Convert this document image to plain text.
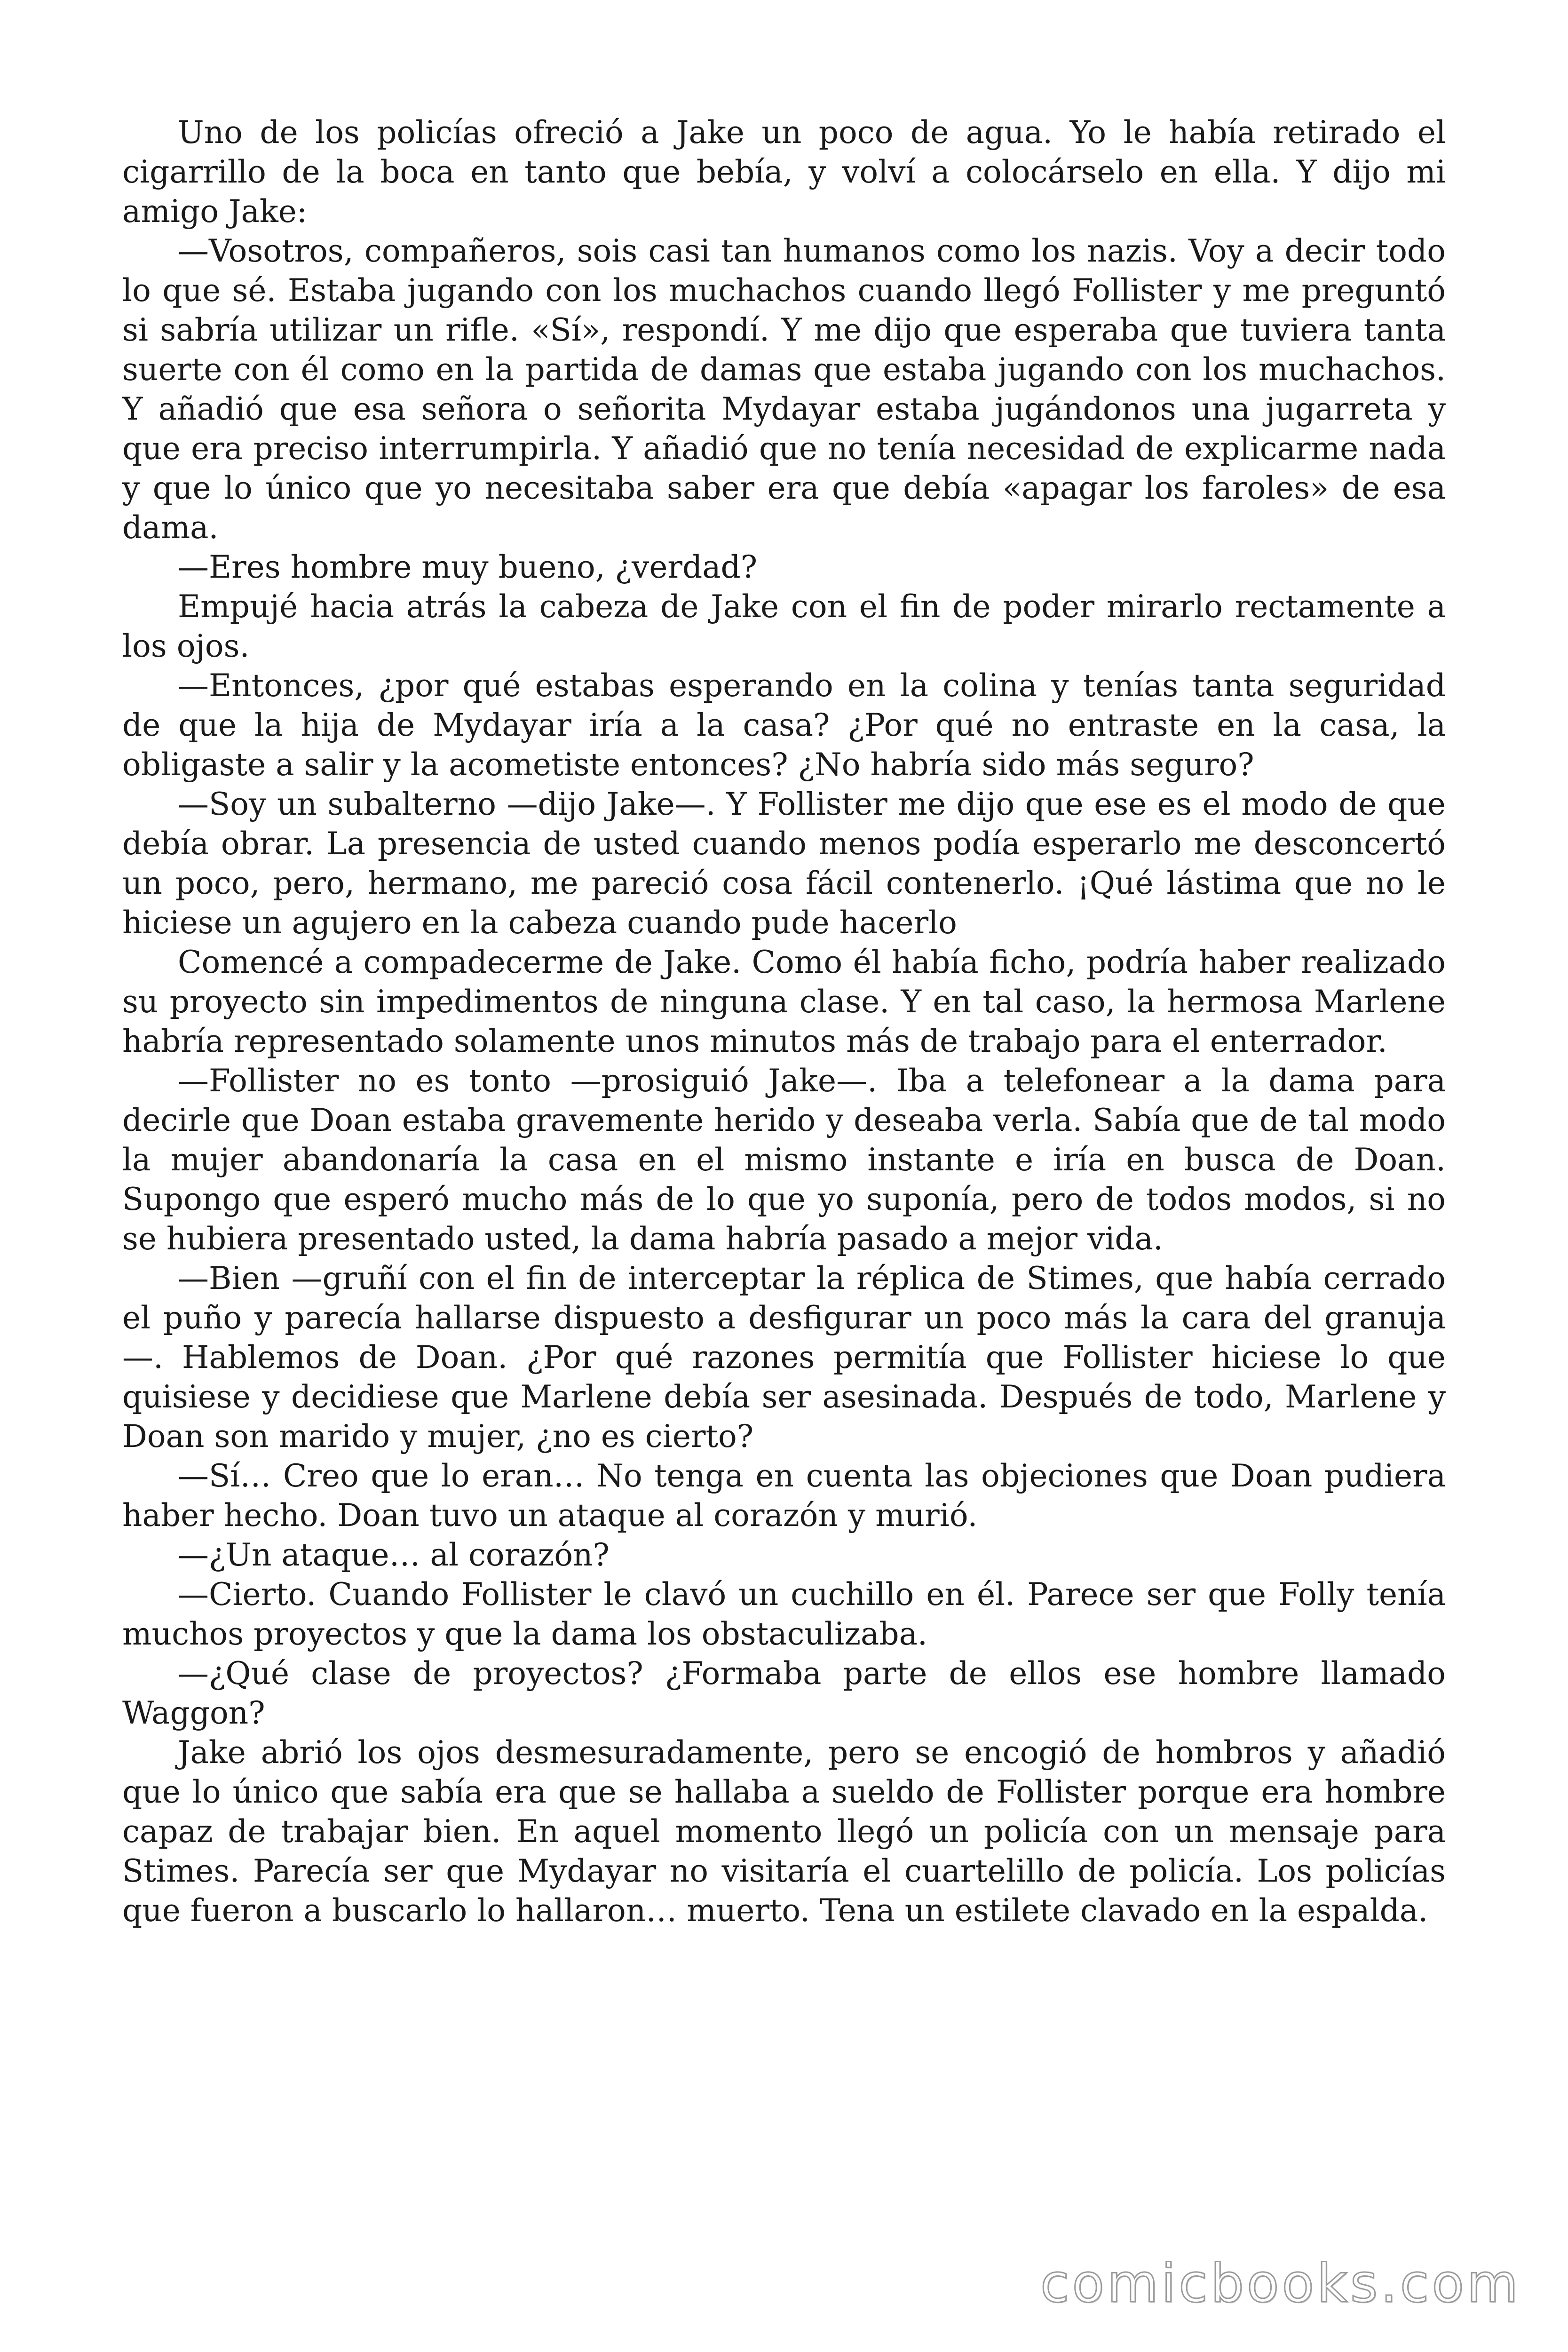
Uno de los policías ofreció a Jake un poco de agua. Yo le había retirado el cigarrillo de la boca en tanto que bebía, y volví a colocárselo en ella. Y dijo mi amigo Jake:

—Vosotros, compañeros, sois casi tan humanos como los nazis. Voy a decir todo lo que sé. Estaba jugando con los muchachos cuando llegó Follister y me preguntó si sabría utilizar un rifle. «Sí», respondí. Y me dijo que esperaba que tuviera tanta suerte con él como en la partida de damas que estaba jugando con los muchachos. Y añadió que esa señora o señorita Mydayar estaba jugándonos una jugarreta y que era preciso interrumpirla. Y añadió que no tenía necesidad de explicarme nada y que lo único que yo necesitaba saber era que debía «apagar los faroles» de esa dama.

—Eres hombre muy bueno, ¿verdad?

Empujé hacia atrás la cabeza de Jake con el fin de poder mirarlo rectamente a los ojos.

—Entonces, ¿por qué estabas esperando en la colina y tenías tanta seguridad de que la hija de Mydayar iría a la casa? ¿Por qué no entraste en la casa, la obligaste a salir y la acometiste entonces? ¿No habría sido más seguro?

—Soy un subalterno —dijo Jake—. Y Follister me dijo que ese es el modo de que debía obrar. La presencia de usted cuando menos podía esperarlo me desconcertó un poco, pero, hermano, me pareció cosa fácil contenerlo. ¡Qué lástima que no le hiciese un agujero en la cabeza cuando pude hacerlo

Comencé a compadecerme de Jake. Como él había ficho, podría haber realizado su proyecto sin impedimentos de ninguna clase. Y en tal caso, la hermosa Marlene habría representado solamente unos minutos más de trabajo para el enterrador.

—Follister no es tonto —prosiguió Jake—. Iba a telefonear a la dama para decirle que Doan estaba gravemente herido y deseaba verla. Sabía que de tal modo la mujer abandonaría la casa en el mismo instante e iría en busca de Doan. Supongo que esperó mucho más de lo que yo suponía, pero de todos modos, si no se hubiera presentado usted, la dama habría pasado a mejor vida.

—Bien —gruñí con el fin de interceptar la réplica de Stimes, que había cerrado el puño y parecía hallarse dispuesto a desfigurar un poco más la cara del granuja—. Hablemos de Doan. ¿Por qué razones permitía que Follister hiciese lo que quisiese y decidiese que Marlene debía ser asesinada. Después de todo, Marlene y Doan son marido y mujer, ¿no es cierto?

—Sí… Creo que lo eran… No tenga en cuenta las objeciones que Doan pudiera haber hecho. Doan tuvo un ataque al corazón y murió.

—¿Un ataque… al corazón?

—Cierto. Cuando Follister le clavó un cuchillo en él. Parece ser que Folly tenía muchos proyectos y que la dama los obstaculizaba.

—¿Qué clase de proyectos? ¿Formaba parte de ellos ese hombre llamado Waggon?

Jake abrió los ojos desmesuradamente, pero se encogió de hombros y añadió que lo único que sabía era que se hallaba a sueldo de Follister porque era hombre capaz de trabajar bien. En aquel momento llegó un policía con un mensaje para Stimes. Parecía ser que Mydayar no visitaría el cuartelillo de policía. Los policías que fueron a buscarlo lo hallaron… muerto. Tena un estilete clavado en la espalda.

comicbooks.com
